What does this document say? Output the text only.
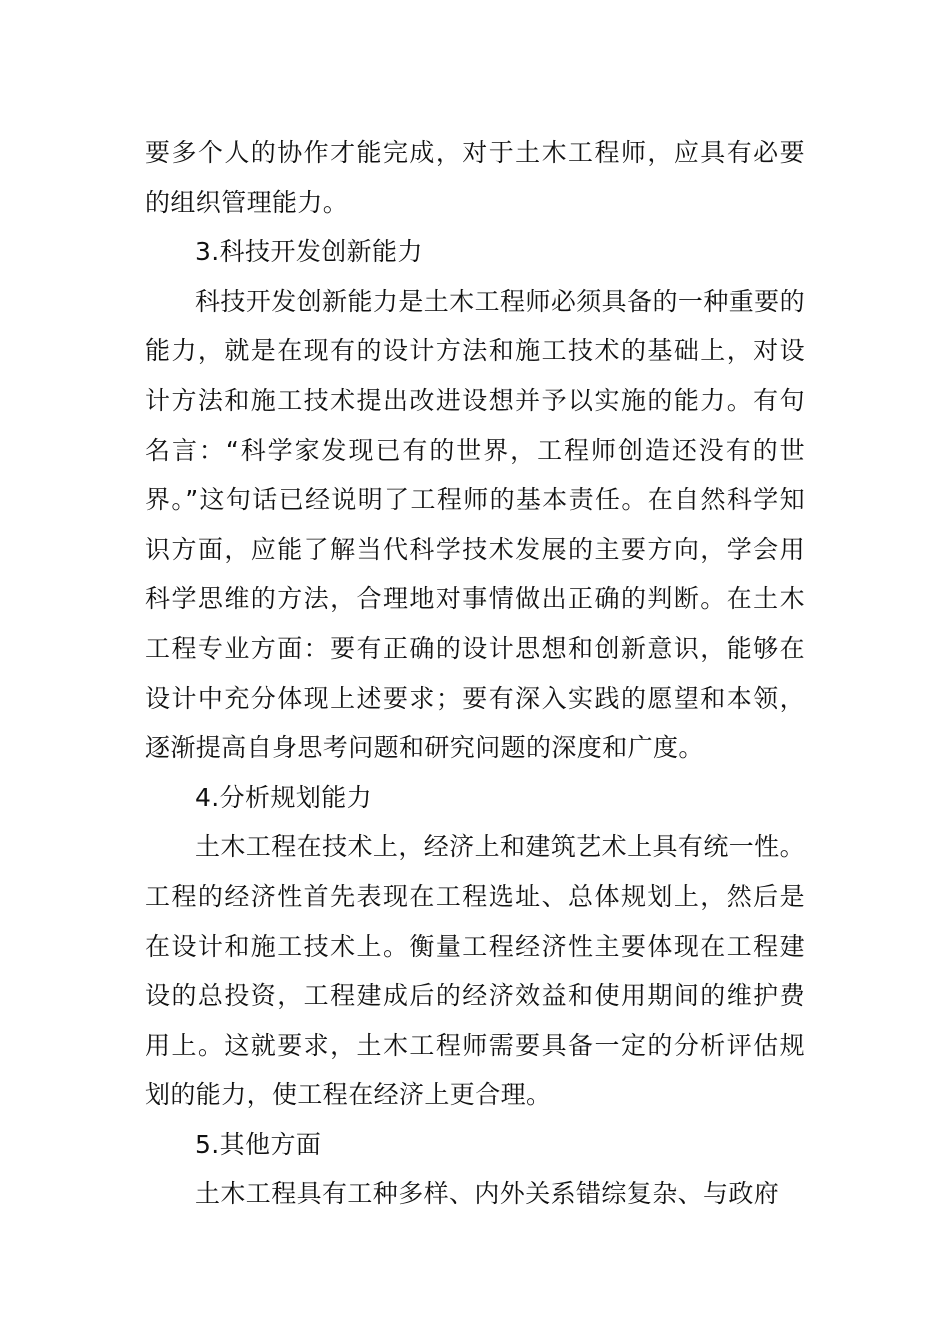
要多个人的协作才能完成，对于土木工程师，应具有必要的组织管理能力。

3.科技开发创新能力

科技开发创新能力是土木工程师必须具备的一种重要的能力，就是在现有的设计方法和施工技术的基础上，对设计方法和施工技术提出改进设想并予以实施的能力。有句名言：“科学家发现已有的世界，工程师创造还没有的世界。”这句话已经说明了工程师的基本责任。在自然科学知识方面，应能了解当代科学技术发展的主要方向，学会用科学思维的方法，合理地对事情做出正确的判断。在土木工程专业方面：要有正确的设计思想和创新意识，能够在设计中充分体现上述要求；要有深入实践的愿望和本领，逐渐提高自身思考问题和研究问题的深度和广度。

4.分析规划能力

土木工程在技术上，经济上和建筑艺术上具有统一性。工程的经济性首先表现在工程选址、总体规划上，然后是在设计和施工技术上。衡量工程经济性主要体现在工程建设的总投资，工程建成后的经济效益和使用期间的维护费用上。这就要求，土木工程师需要具备一定的分析评估规划的能力，使工程在经济上更合理。

5.其他方面

土木工程具有工种多样、内外关系错综复杂、与政府
